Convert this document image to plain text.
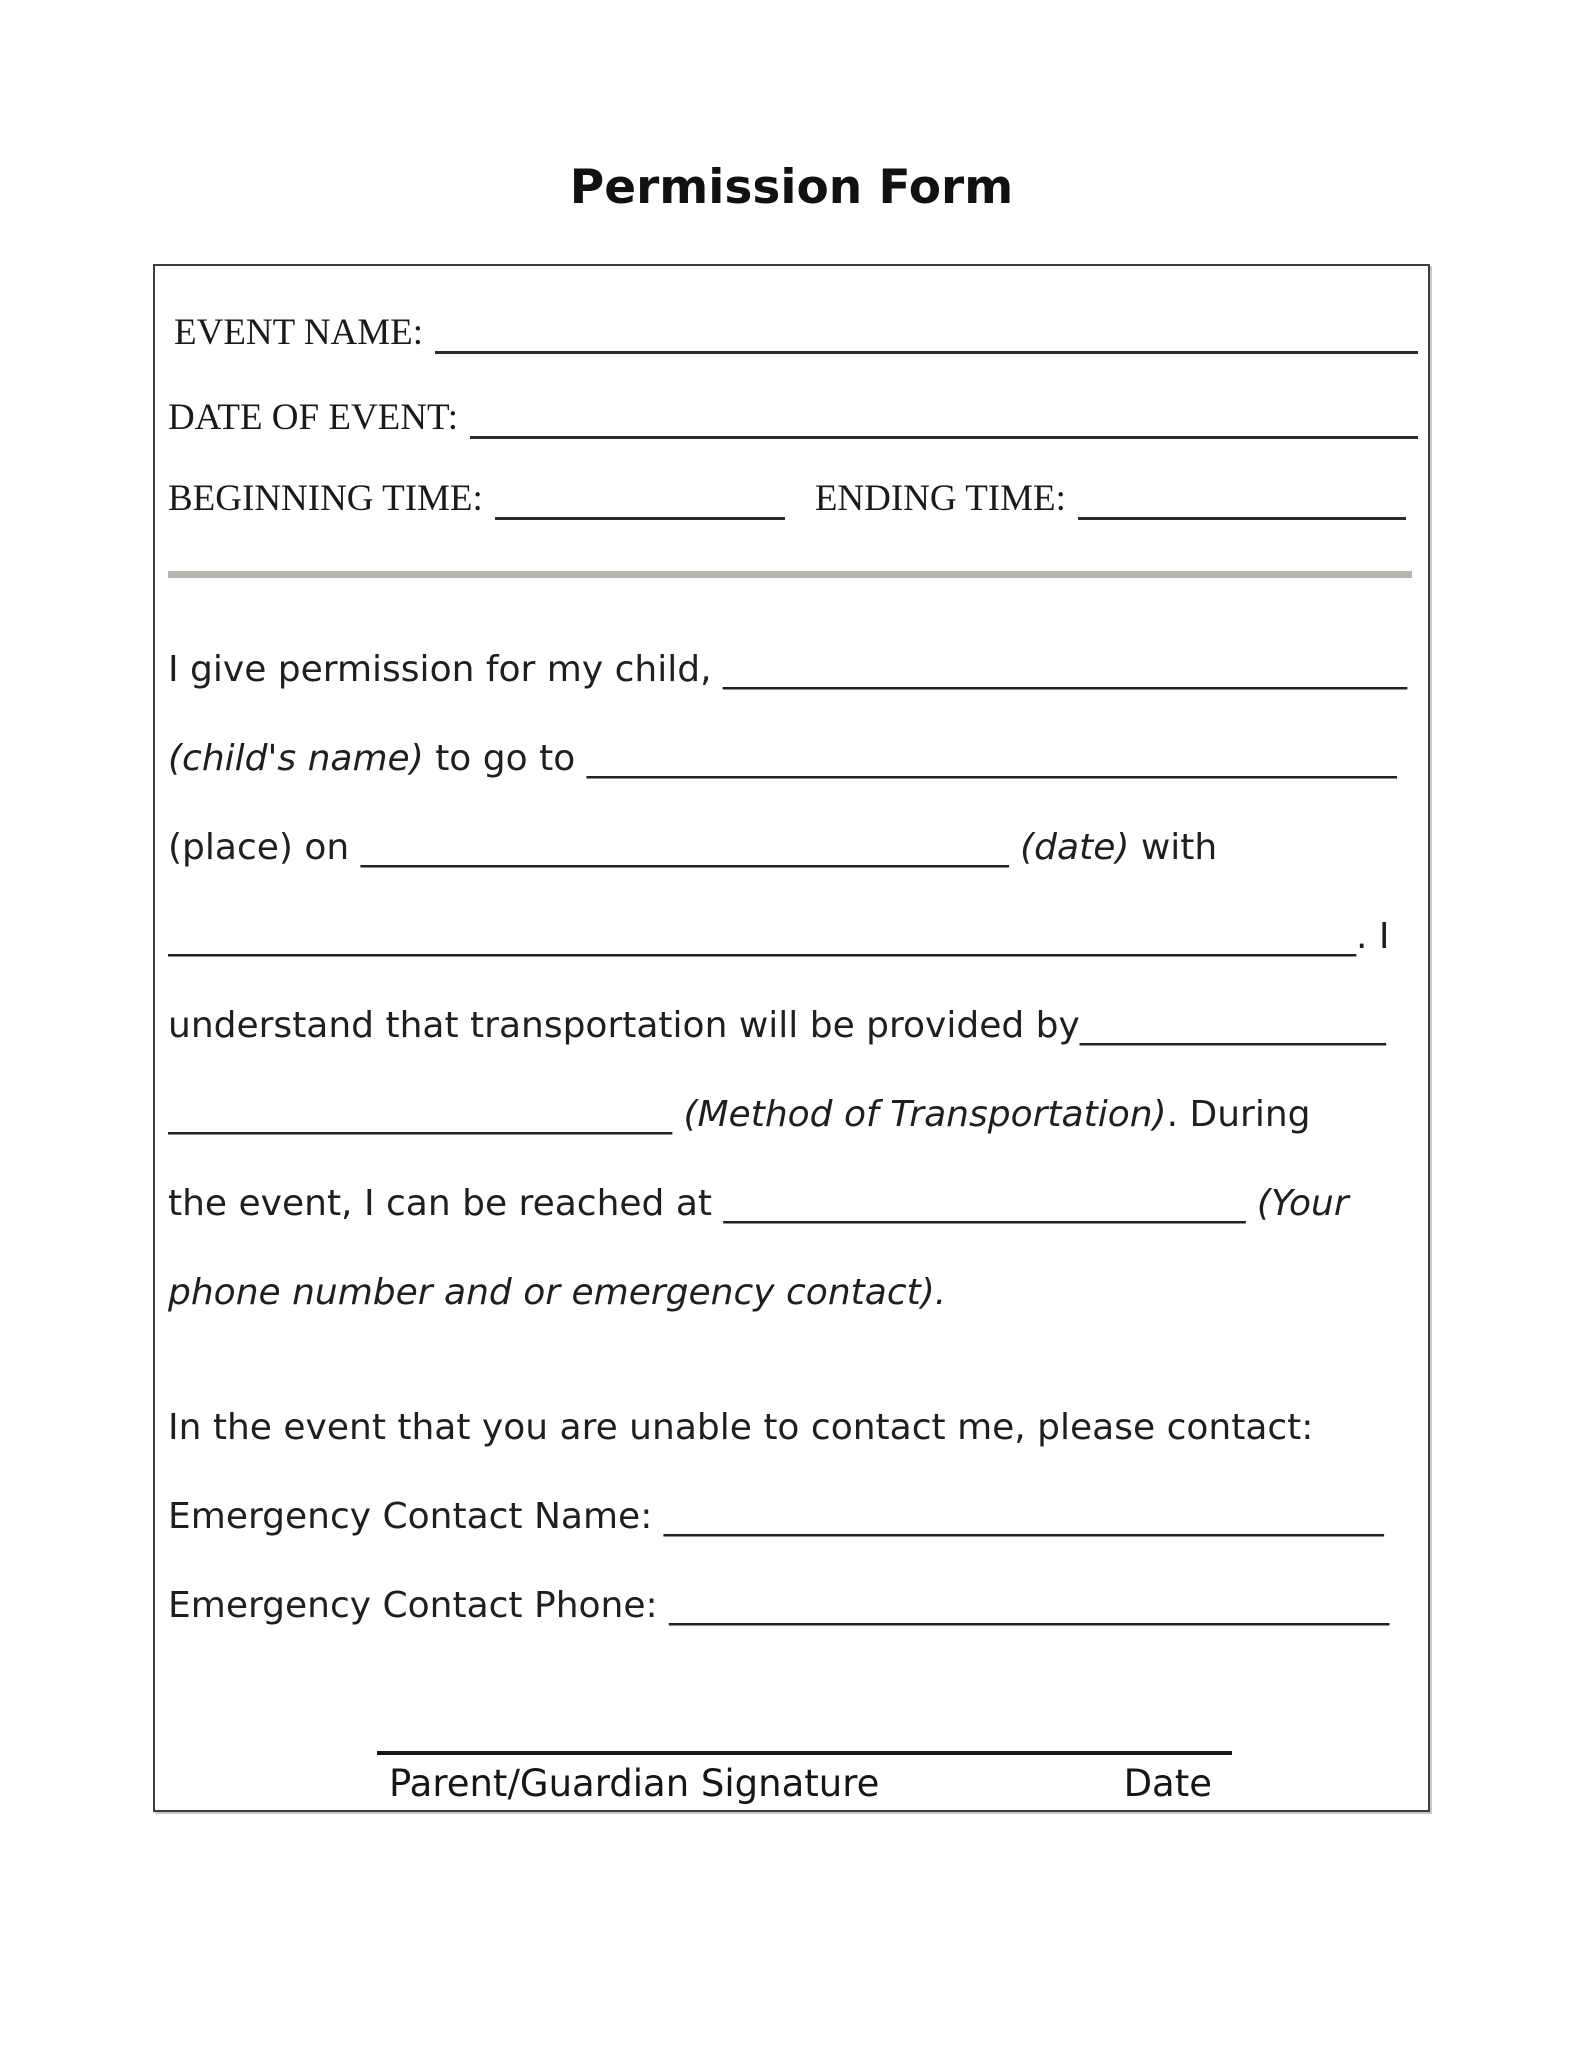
Permission Form
EVENT NAME:
DATE OF EVENT:
BEGINNING TIME:	ENDING TIME:
I give permission for my child, ______________________________________
(child's name) to go to _____________________________________________
(place) on ____________________________________ (date) with
__________________________________________________________________. I
understand that transportation will be provided by_________________
____________________________ (Method of Transportation). During
the event, I can be reached at _____________________________ (Your
phone number and or emergency contact).
In the event that you are unable to contact me, please contact:
Emergency Contact Name: ________________________________________
Emergency Contact Phone: ________________________________________
Parent/Guardian Signature	Date
